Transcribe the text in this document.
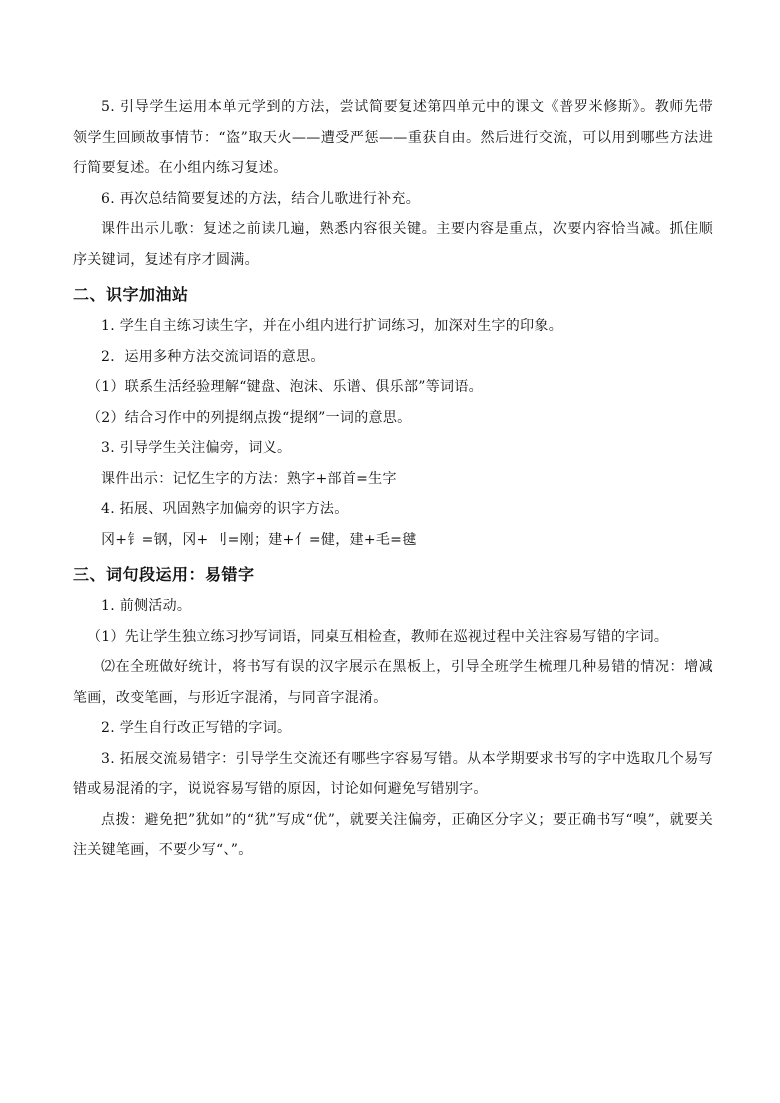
5. 引导学生运用本单元学到的方法，尝试简要复述第四单元中的课文《普罗米修斯》。教师先带领学生回顾故事情节：“盗”取天火——遭受严惩——重获自由。然后进行交流，可以用到哪些方法进行简要复述。在小组内练习复述。

6. 再次总结简要复述的方法，结合儿歌进行补充。

课件出示儿歌：复述之前读几遍，熟悉内容很关键。主要内容是重点，次要内容恰当减。抓住顺序关键词，复述有序才圆满。

二、识字加油站

1. 学生自主练习读生字，并在小组内进行扩词练习，加深对生字的印象。

2．运用多种方法交流词语的意思。

（1）联系生活经验理解“键盘、泡沫、乐谱、俱乐部”等词语。

（2）结合习作中的列提纲点拨“提纲”一词的意思。

3. 引导学生关注偏旁，词义。

课件出示：记忆生字的方法：熟字+部首=生字

4. 拓展、巩固熟字加偏旁的识字方法。

冈+钅=钢，冈+ 刂=刚；建+亻=健，建+毛=毽

三、词句段运用：易错字

1. 前侧活动。

（1）先让学生独立练习抄写词语，同桌互相检查，教师在巡视过程中关注容易写错的字词。

⑵在全班做好统计，将书写有误的汉字展示在黑板上，引导全班学生梳理几种易错的情况：增减笔画，改变笔画，与形近字混淆，与同音字混淆。

2. 学生自行改正写错的字词。

3. 拓展交流易错字：引导学生交流还有哪些字容易写错。从本学期要求书写的字中选取几个易写错或易混淆的字，说说容易写错的原因，讨论如何避免写错别字。

点拨：避免把”犹如”的“犹”写成“优”，就要关注偏旁，正确区分字义；要正确书写“嗅”，就要关注关键笔画，不要少写“、”。
